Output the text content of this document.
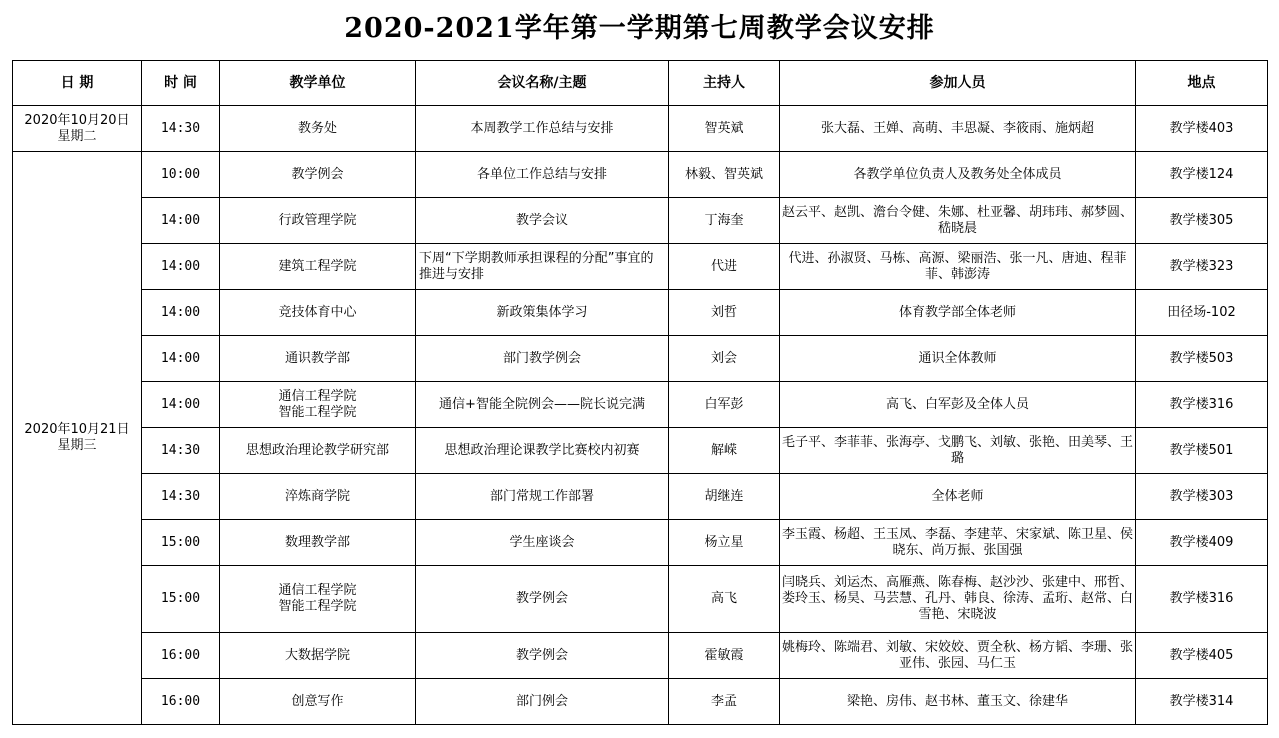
2020-2021学年第一学期第七周教学会议安排
日 期	时 间	教学单位	会议名称/主题	主持人	参加人员	地点
2020年10月20日
星期二	14:30	教务处	本周教学工作总结与安排	智英斌	张大磊、王婵、高萌、丰思凝、李筱雨、施炳超	教学楼403
2020年10月21日
星期三	10:00	教学例会	各单位工作总结与安排	林毅、智英斌	各教学单位负责人及教务处全体成员	教学楼124
	14:00	行政管理学院	教学会议	丁海奎	赵云平、赵凯、澹台令健、朱娜、杜亚馨、胡玮玮、郝梦圆、嵇晓晨	教学楼305
	14:00	建筑工程学院	下周“下学期教师承担课程的分配”事宜的推进与安排	代进	代进、孙淑贤、马栋、高源、梁丽浩、张一凡、唐迪、程菲菲、韩澎涛	教学楼323
	14:00	竞技体育中心	新政策集体学习	刘哲	体育教学部全体老师	田径场-102
	14:00	通识教学部	部门教学例会	刘会	通识全体教师	教学楼503
	14:00	通信工程学院
智能工程学院	通信+智能全院例会——院长说完满	白军彭	高飞、白军彭及全体人员	教学楼316
	14:30	思想政治理论教学研究部	思想政治理论课教学比赛校内初赛	解嵘	毛子平、李菲菲、张海亭、戈鹏飞、刘敏、张艳、田美琴、王璐	教学楼501
	14:30	淬炼商学院	部门常规工作部署	胡继连	全体老师	教学楼303
	15:00	数理教学部	学生座谈会	杨立星	李玉霞、杨超、王玉凤、李磊、李建苹、宋家斌、陈卫星、侯晓东、尚万振、张国强	教学楼409
	15:00	通信工程学院
智能工程学院	教学例会	高飞	闫晓兵、刘运杰、高雁燕、陈春梅、赵沙沙、张建中、邢哲、娄玲玉、杨昊、马芸慧、孔丹、韩良、徐涛、孟珩、赵常、白雪艳、宋晓波	教学楼316
	16:00	大数据学院	教学例会	霍敏霞	姚梅玲、陈端君、刘敏、宋姣姣、贾全秋、杨方韬、李珊、张亚伟、张园、马仁玉	教学楼405
	16:00	创意写作	部门例会	李孟	梁艳、房伟、赵书林、董玉文、徐建华	教学楼314
